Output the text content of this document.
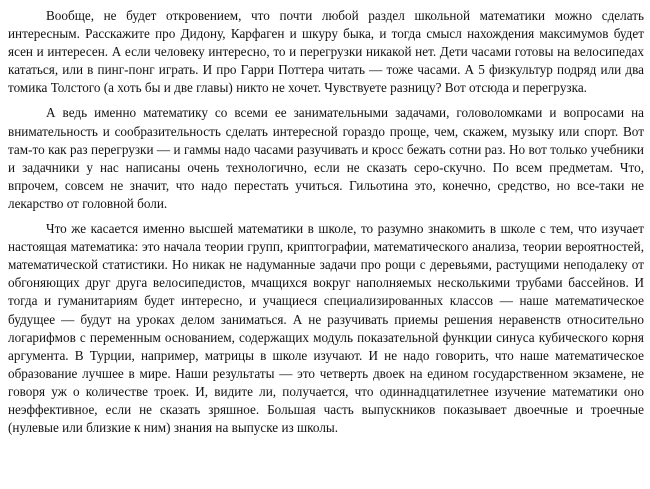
Вообще, не будет откровением, что почти любой раздел школьной математики можно сделать интересным. Расскажите про Дидону, Карфаген и шкуру быка, и тогда смысл нахождения максимумов будет ясен и интересен. А если человеку интересно, то и перегрузки никакой нет. Дети часами готовы на велосипедах кататься, или в пинг-понг играть. И про Гарри Поттера читать — тоже часами. А 5 физкультур подряд или два томика Толстого (а хоть бы и две главы) никто не хочет. Чувствуете разницу? Вот отсюда и перегрузка.

А ведь именно математику со всеми ее занимательными задачами, головоломками и вопросами на внимательность и сообразительность сделать интересной гораздо проще, чем, скажем, музыку или спорт. Вот там-то как раз перегрузки — и гаммы надо часами разучивать и кросс бежать сотни раз. Но вот только учебники и задачники у нас написаны очень технологично, если не сказать серо-скучно. По всем предметам. Что, впрочем, совсем не значит, что надо перестать учиться. Гильотина это, конечно, средство, но все-таки не лекарство от головной боли.

Что же касается именно высшей математики в школе, то разумно знакомить в школе с тем, что изучает настоящая математика: это начала теории групп, криптографии, математического анализа, теории вероятностей, математической статистики. Но никак не надуманные задачи про рощи с деревьями, растущими неподалеку от обгоняющих друг друга велосипедистов, мчащихся вокруг наполняемых несколькими трубами бассейнов. И тогда и гуманитариям будет интересно, и учащиеся специализированных классов — наше математическое будущее — будут на уроках делом заниматься. А не разучивать приемы решения неравенств относительно логарифмов с переменным основанием, содержащих модуль показательной функции синуса кубического корня аргумента. В Турции, например, матрицы в школе изучают. И не надо говорить, что наше математическое образование лучшее в мире. Наши результаты — это четверть двоек на едином государственном экзамене, не говоря уж о количестве троек. И, видите ли, получается, что одиннадцатилетнее изучение математики оно неэффективное, если не сказать зряшное. Большая часть выпускников показывает двоечные и троечные (нулевые или близкие к ним) знания на выпуске из школы.
